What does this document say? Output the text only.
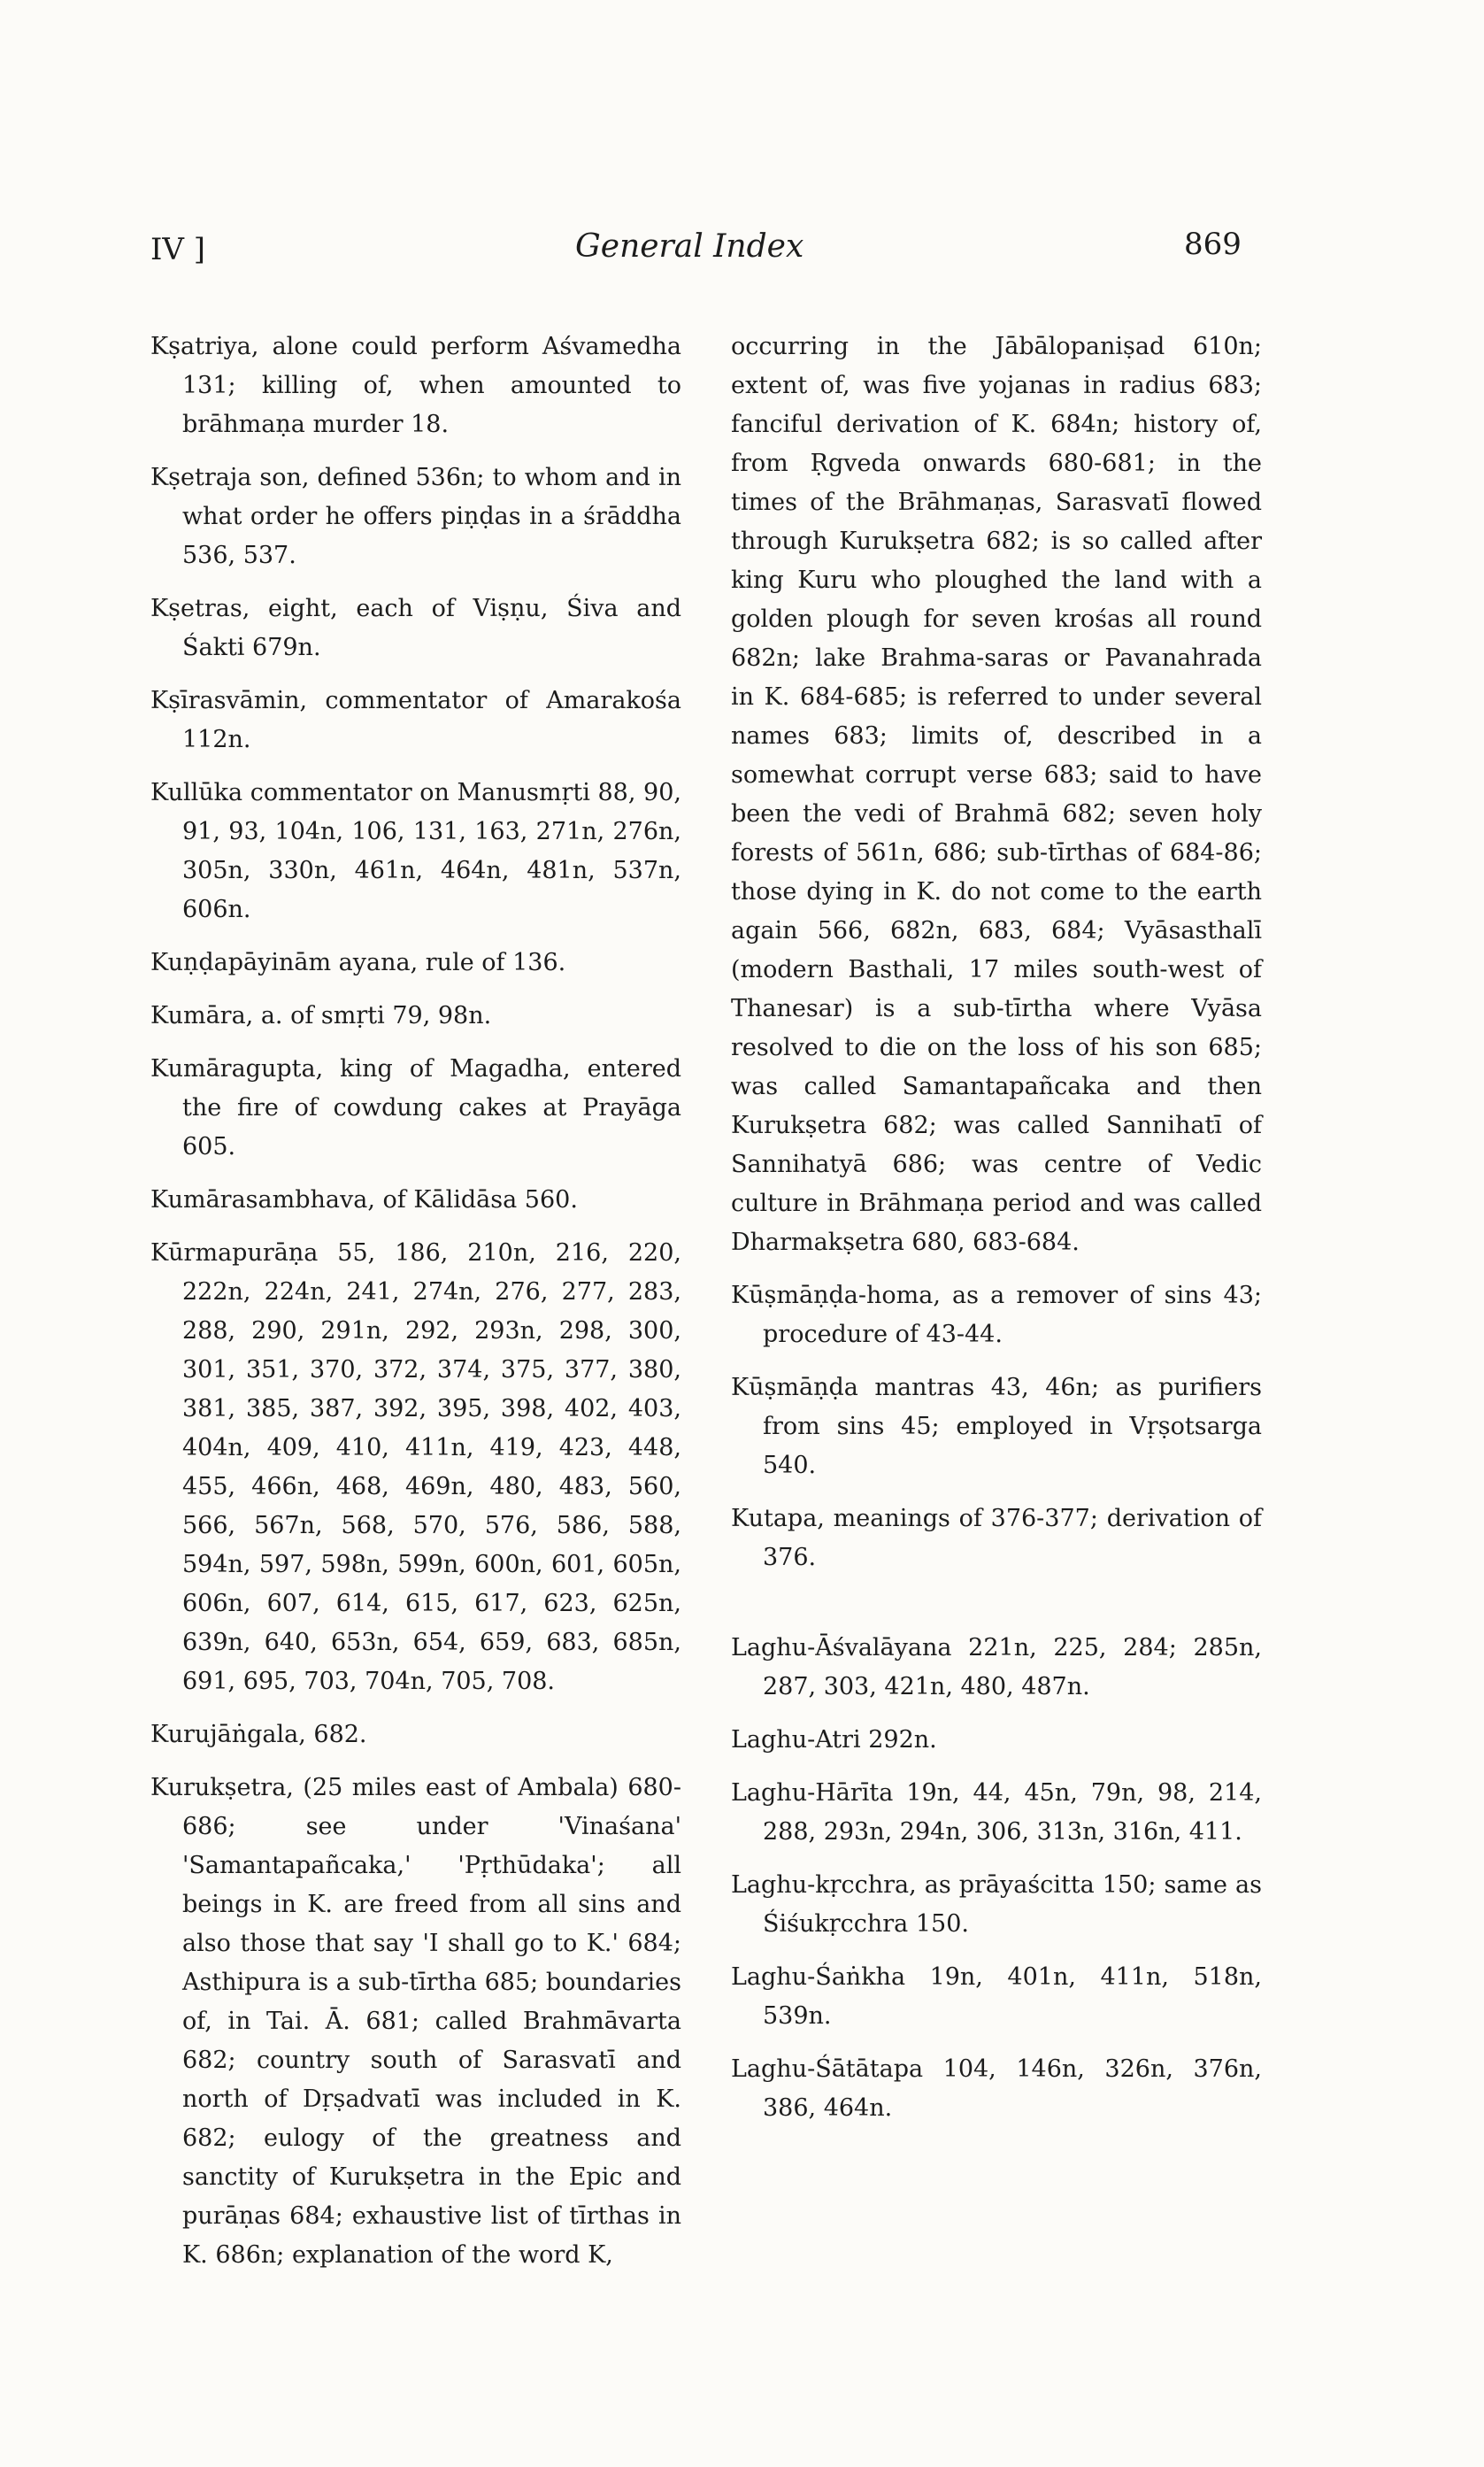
IV ]	General Index	869

Kṣatriya, alone could perform Aśvamedha 131; killing of, when amounted to brāhmaṇa murder 18.

Kṣetraja son, defined 536n; to whom and in what order he offers piṇḍas in a śrāddha 536, 537.

Kṣetras, eight, each of Viṣṇu, Śiva and Śakti 679n.

Kṣīrasvāmin, commentator of Amarakośa 112n.

Kullūka commentator on Manusmṛti 88, 90, 91, 93, 104n, 106, 131, 163, 271n, 276n, 305n, 330n, 461n, 464n, 481n, 537n, 606n.

Kuṇḍapāyinām ayana, rule of 136.

Kumāra, a. of smṛti 79, 98n.

Kumāragupta, king of Magadha, entered the fire of cowdung cakes at Prayāga 605.

Kumārasambhava, of Kālidāsa 560.

Kūrmapurāṇa 55, 186, 210n, 216, 220, 222n, 224n, 241, 274n, 276, 277, 283, 288, 290, 291n, 292, 293n, 298, 300, 301, 351, 370, 372, 374, 375, 377, 380, 381, 385, 387, 392, 395, 398, 402, 403, 404n, 409, 410, 411n, 419, 423, 448, 455, 466n, 468, 469n, 480, 483, 560, 566, 567n, 568, 570, 576, 586, 588, 594n, 597, 598n, 599n, 600n, 601, 605n, 606n, 607, 614, 615, 617, 623, 625n, 639n, 640, 653n, 654, 659, 683, 685n, 691, 695, 703, 704n, 705, 708.

Kurujāṅgala, 682.

Kurukṣetra, (25 miles east of Ambala) 680-686; see under 'Vinaśana' 'Samantapañcaka,' 'Pṛthūdaka'; all beings in K. are freed from all sins and also those that say 'I shall go to K.' 684; Asthipura is a sub-tīrtha 685; boundaries of, in Tai. Ā. 681; called Brahmāvarta 682; country south of Sarasvatī and north of Dṛṣadvatī was included in K. 682; eulogy of the greatness and sanctity of Kurukṣetra in the Epic and purāṇas 684; exhaustive list of tīrthas in K. 686n; explanation of the word K,

occurring in the Jābālopaniṣad 610n; extent of, was five yojanas in radius 683; fanciful derivation of K. 684n; history of, from Ṛgveda onwards 680-681; in the times of the Brāhmaṇas, Sarasvatī flowed through Kurukṣetra 682; is so called after king Kuru who ploughed the land with a golden plough for seven krośas all round 682n; lake Brahma-saras or Pavanahrada in K. 684-685; is referred to under several names 683; limits of, described in a somewhat corrupt verse 683; said to have been the vedi of Brahmā 682; seven holy forests of 561n, 686; sub-tīrthas of 684-86; those dying in K. do not come to the earth again 566, 682n, 683, 684; Vyāsasthalī (modern Basthali, 17 miles south-west of Thanesar) is a sub-tīrtha where Vyāsa resolved to die on the loss of his son 685; was called Samantapañcaka and then Kurukṣetra 682; was called Sannihatī of Sannihatyā 686; was centre of Vedic culture in Brāhmaṇa period and was called Dharmakṣetra 680, 683-684.

Kūṣmāṇḍa-homa, as a remover of sins 43; procedure of 43-44.

Kūṣmāṇḍa mantras 43, 46n; as purifiers from sins 45; employed in Vṛṣotsarga 540.

Kutapa, meanings of 376-377; derivation of 376.

Laghu-Āśvalāyana 221n, 225, 284; 285n, 287, 303, 421n, 480, 487n.

Laghu-Atri 292n.

Laghu-Hārīta 19n, 44, 45n, 79n, 98, 214, 288, 293n, 294n, 306, 313n, 316n, 411.

Laghu-kṛcchra, as prāyaścitta 150; same as Śiśukṛcchra 150.

Laghu-Śaṅkha 19n, 401n, 411n, 518n, 539n.

Laghu-Śātātapa 104, 146n, 326n, 376n, 386, 464n.
